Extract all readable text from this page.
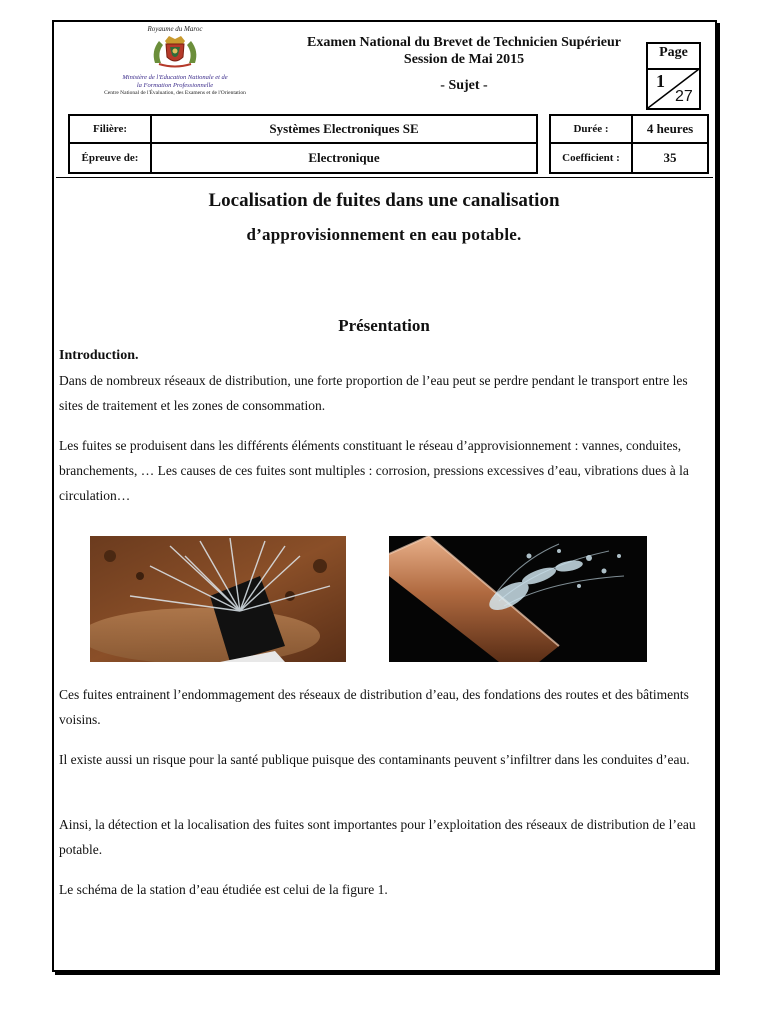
Royaume du Maroc
Ministère de l'Education Nationale et de
la Formation Professionnelle
Centre National de l'Évaluation, des Examens et de l'Orientation
Examen National du Brevet de Technicien Supérieur
Session de Mai 2015
- Sujet -
Page
1
27
Filière:	Systèmes Electroniques SE
Épreuve de:	Electronique
Durée :	4 heures
Coefficient :	35
Localisation de fuites dans une canalisation
d’approvisionnement en eau potable.
Présentation
Introduction.
Dans de nombreux réseaux de distribution, une forte proportion de l’eau peut se perdre pendant le transport entre les sites de traitement et les zones de consommation.
Les fuites se produisent dans les différents éléments constituant le réseau d’approvisionnement : vannes, conduites, branchements, … Les causes de ces fuites sont multiples : corrosion, pressions excessives d’eau, vibrations dues à la circulation…
Ces fuites entrainent l’endommagement des réseaux de distribution d’eau, des fondations des routes et des bâtiments voisins.
Il existe aussi un risque pour la santé publique puisque des contaminants peuvent s’infiltrer dans les conduites d’eau.
Ainsi, la détection et la localisation des fuites sont importantes pour l’exploitation des réseaux de distribution de l’eau potable.
Le schéma de la station d’eau étudiée est celui de la figure 1.
